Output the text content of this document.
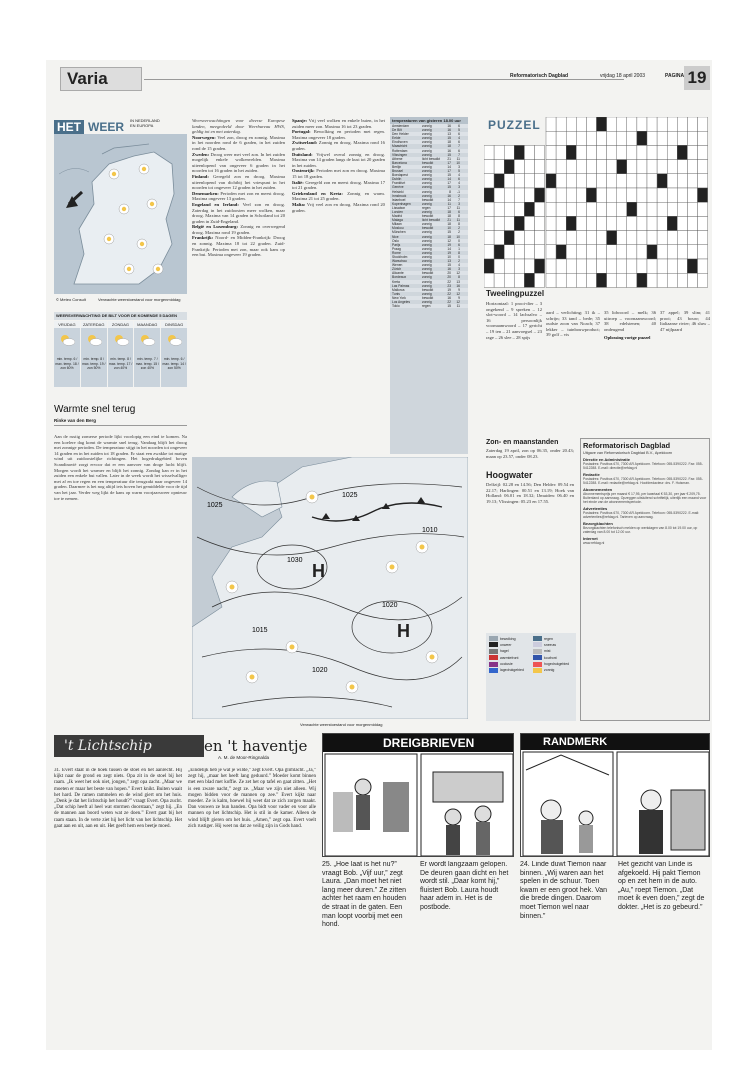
Varia	Reformatorisch Dagblad	vrijdag 18 april 2003	PAGINA 19
HET WEER IN NEDERLAND EN EUROPA
© Meteo Consult	Verwachte weerstoestand voor morgenmiddag
WEERSVERWACHTING DE BILT VOOR DE KOMENDE 5 DAGEN
VRIJDAG
min. temp. 6 / max. temp. 18 / zon 60%
ZATERDAG
min. temp. 8 / max. temp. 19 / zon 50%
ZONDAG
min. temp. 8 / max. temp. 17 / zon 40%
MAANDAG
min. temp. 7 / max. temp. 15 / zon 40%
DINSDAG
min. temp. 6 / max. temp. 14 / zon 50%
Warmte snel terug
Rinke van den Berg
Aan de rustig zomerse periode lijkt voorlopig een eind te komen. Na een koelere dag komt de warmte snel terug. Vandaag blijft het droog met zonnige perioden. De temperatuur stijgt in het noorden tot ongeveer 14 graden en in het zuiden tot 18 graden. Er staat een zwakke tot matige wind uit zuidoostelijke richtingen. Het hogedrukgebied boven Scandinavië zorgt ervoor dat er een aanvoer van droge lucht blijft. Morgen wordt het warmer en blijft het zonnig. Zondag kan er in het zuiden een enkele bui vallen. Later in de week wordt het wisselvalliger met af en toe regen en een temperatuur die terugzakt naar ongeveer 14 graden. Daarmee is het nog altijd iets boven het gemiddelde voor de tijd van het jaar. Verder weg lijkt de kans op warm voorjaarsweer opnieuw toe te nemen.

Weersverwachtingen voor diverse Europese landen, meegedeeld door Weerbureau HWS, geldig tot en met zaterdag.

Noorwegen: Veel zon, droog en zonnig. Maxima in het noorden rond de 6 graden, in het zuiden rond de 15 graden.

Zweden: Droog weer met veel zon. In het zuiden mogelijk enkele wolkenvelden. Maxima uiteenlopend van ongeveer 6 graden in het noorden tot 16 graden in het zuiden.

Finland: Geregeld zon en droog. Maxima uiteenlopend van dichtbij het vriespunt in het noorden tot ongeveer 12 graden in het zuiden.

Denemarken: Perioden met zon en meest droog. Maxima ongeveer 13 graden.

Engeland en Ierland: Veel zon en droog. Zaterdag in het zuidoosten meer wolken, maar droog. Maxima van 14 graden in Schotland tot 20 graden in Zuid-Engeland.

België en Luxemburg: Zonnig en overwegend droog. Maxima rond 19 graden.

Frankrijk: Noord- en Midden-Frankrijk: Droog en zonnig. Maxima 18 tot 22 graden. Zuid-Frankrijk: Perioden met zon, maar ook kans op een bui. Maxima ongeveer 19 graden.

Spanje: Vrij veel wolken en enkele buien, in het zuiden meer zon. Maxima 16 tot 23 graden.

Portugal: Bewolking en perioden met regen. Maxima ongeveer 18 graden.

Zwitserland: Zonnig en droog. Maxima rond 16 graden.

Duitsland: Vrijwel overal zonnig en droog. Maxima van 14 graden langs de kust tot 20 graden in het zuiden.

Oostenrijk: Perioden met zon en droog. Maxima 15 tot 18 graden.

Italië: Geregeld zon en meest droog. Maxima 17 tot 21 graden.

Griekenland en Kreta: Zonnig en warm. Maxima 21 tot 25 graden.

Malta: Vrij veel zon en droog. Maxima rond 20 graden.

temperaturen van gisteren 18.00 uur
Amsterdam	zonnig	16	6
De Bilt	zonnig	16	5
Den Helder	zonnig	13	6
Eelde	zonnig	15	4
Eindhoven	zonnig	18	6
Maastricht	zonnig	18	7
Rotterdam	zonnig	16	6
Vlissingen	zonnig	15	7
Athene	licht bewolkt	21	11
Barcelona	bewolkt	17	10
Berlijn	zonnig	14	3
Brussel	zonnig	17	5
Boedapest	zonnig	15	4
Dublin	zonnig	14	6
Frankfurt	zonnig	17	4
Genève	zonnig	15	3
Helsinki	zonnig	8	-1
Innsbruck	zonnig	16	2
Istanboel	bewolkt	14	7
Kopenhagen	zonnig	11	3
Lissabon	regen	17	11
Londen	zonnig	18	6
Madrid	bewolkt	18	8
Malaga	licht bewolkt	21	11
Milaan	zonnig	18	8
Moskou	bewolkt	10	2
München	zonnig	15	2
Nice	zonnig	18	10
Oslo	zonnig	12	0
Parijs	zonnig	19	6
Praag	zonnig	14	1
Rome	zonnig	19	8
Stockholm	zonnig	10	0
Warschau	zonnig	13	2
Wenen	zonnig	15	4
Zürich	zonnig	16	3
Alicante	bewolkt	20	12
Bordeaux	zonnig	20	8
Kreta	zonnig	22	13
Las Palmas	zonnig	23	16
Mallorca	bewolkt	19	9
Tunis	zonnig	22	12
New York	bewolkt	16	9
Los Angeles	zonnig	22	12
Tokio	regen	15	11
1025
1030
1020
1015
1010
1025
1020
H
H
Verwachte weerstoestand voor morgenmiddag
PUZZEL
Tweelingpuzzel
Horizontaal: 1 prooi-dier – 3 ongekend – 9 spreken – 12 slot-woord – 14 lachsalvo – 16 persoonlijk voornaamwoord – 17 gericht – 19 ten – 21 aanvoegsel – 23 rage – 26 slee – 28 spijs
aard – verlichting; 31 ik – schrijn; 33 tand – bede; 35 oudste zoon van Noach; 37 lekker – tuinbouwproduct; 39 golf – vis
35 lidwoord – melk; 36 uitroep – voornaamwoord; 38 edelstenen; 40 ondeugend
Oplossing vorige puzzel
37 appel; 39 slim; 41 prooi; 43 bouw; 44 Italiaanse rivier; 46 sluw – 47 nijlpaard
Zon- en maanstanden
Zaterdag 19 april, zon op 06.35, onder 20.43; maan op 23.57, onder 08.23.
Hoogwater
Delfzijl: 02.28 en 14.56; Den Helder: 09.54 en 22.17; Harlingen: 00.51 en 13.19; Hoek van Holland: 06.01 en 18.32; IJmuiden: 06.40 en 19.13; Vlissingen: 05.23 en 17.55.
bewolking	regen
onweer	sneeuw
hagel	mist
warmtefront	koufront
occlusie	hogedrukgebied
lagedrukgebied	zonnig
Reformatorisch Dagblad
Uitgave van Reformatorisch Dagblad B.V., Apeldoorn
Directie en Administratie
Postadres: Postbus 670, 7300 AR Apeldoorn. Telefoon: 055-5390222. Fax: 055-5412288. E-mail: directie@refdag.nl
Redactie
Postadres: Postbus 670, 7300 AR Apeldoorn. Telefoon: 055-5390222. Fax: 055-5412288. E-mail: redactie@refdag.nl. Hoofdredacteur: drs. F. Huisman.
Abonnementen
Abonnementsprijs per maand € 17,95, per kwartaal € 53,30, per jaar € 209,75. Buitenland op aanvraag. Opzeggen uitsluitend schriftelijk, uiterlijk een maand voor het einde van de abonnementsperiode.
Advertenties
Postadres: Postbus 670, 7300 AR Apeldoorn. Telefoon: 055-5390222. E-mail: advertenties@refdag.nl. Tarieven op aanvraag.
Bezorgklachten
Bezorgklachten telefonisch melden op werkdagen van 8.00 tot 19.00 uur, op zaterdag van 8.00 tot 12.00 uur.
Internet
www.refdag.nl
't Lichtschip	en 't haventje
A. M. de Moor-Ringnalda
31. Evert staat in de hoek tussen de stoel en het aanrecht. Hij kijkt naar de grond en zegt niets. Opa zit in de stoel bij het raam. „Ik weet het ook niet, jongen,” zegt opa zacht. „Maar we moeten er maar het beste van hopen.” Evert knikt. Buiten waait het hard. De ramen rammelen en de wind giert om het huis. „Denk je dat het lichtschip het houdt?” vraagt Evert. Opa zucht. „Dat schip heeft al heel wat stormen doorstaan,” zegt hij. „En de mannen aan boord weten wat ze doen.” Evert gaat bij het raam staan. In de verte ziet hij het licht van het lichtschip. Het gaat aan en uit, aan en uit. Het geeft hem een beetje moed.
„Eindelijk heb je wat je wilde,” zegt Evert. Opa glimlacht. „Ja,” zegt hij, „maar het heeft lang geduurd.” Moeder komt binnen met een blad met koffie. Ze zet het op tafel en gaat zitten. „Het is een zware nacht,” zegt ze. „Maar we zijn niet alleen. Wij mogen bidden voor de mannen op zee.” Evert kijkt naar moeder. Ze is kalm, hoewel hij weet dat ze zich zorgen maakt. Dan vouwen ze hun handen. Opa bidt voor vader en voor alle mannen op het lichtschip. Het is stil in de kamer. Alleen de wind blijft gieren om het huis. „Amen,” zegt opa. Evert voelt zich rustiger. Hij weet nu dat ze veilig zijn in Gods hand.
DREIGBRIEVEN
25. „Hoe laat is het nu?” vraagt Bob. „Vijf uur,” zegt Laura. „Dan moet het niet lang meer duren.” Ze zitten achter het raam en houden de straat in de gaten. Een man loopt voorbij met een hond.
Er wordt langzaam gelopen. De deuren gaan dicht en het wordt stil. „Daar komt hij,” fluistert Bob. Laura houdt haar adem in. Het is de postbode.
RANDMERK
24. Linde duwt Tiemon naar binnen. „Wij waren aan het spelen in de schuur. Toen kwam er een groot hek. Van die brede dingen. Daarom moet Tiemon wel naar binnen.”
Het gezicht van Linde is afgekoeld. Hij pakt Tiemon op en zet hem in de auto. „Au,” roept Tiemon. „Dat moet ik even doen,” zegt de dokter. „Het is zo gebeurd.”
